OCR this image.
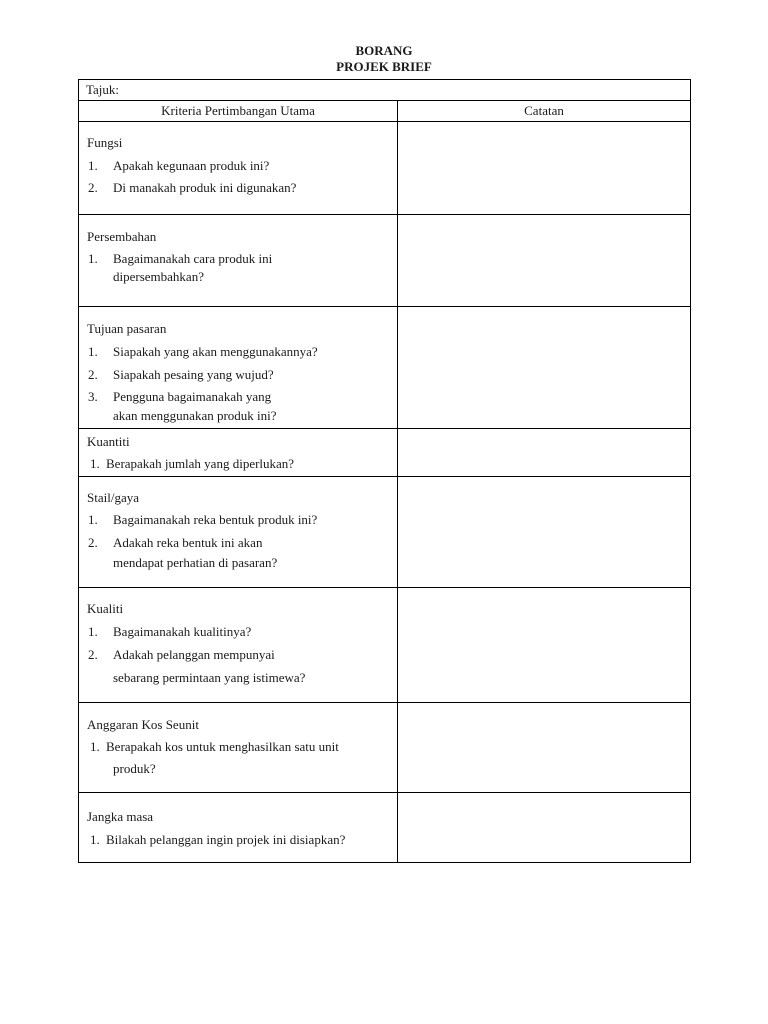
BORANG
PROJEK BRIEF
Tajuk:
Kriteria Pertimbangan Utama	Catatan
Fungsi
1. Apakah kegunaan produk ini?
2. Di manakah produk ini digunakan?
Persembahan
1. Bagaimanakah cara produk ini
dipersembahkan?
Tujuan pasaran
1. Siapakah yang akan menggunakannya?
2. Siapakah pesaing yang wujud?
3. Pengguna bagaimanakah yang
akan menggunakan produk ini?
Kuantiti
1. Berapakah jumlah yang diperlukan?
Stail/gaya
1. Bagaimanakah reka bentuk produk ini?
2. Adakah reka bentuk ini akan
mendapat perhatian di pasaran?
Kualiti
1. Bagaimanakah kualitinya?
2. Adakah pelanggan mempunyai
sebarang permintaan yang istimewa?
Anggaran Kos Seunit
1. Berapakah kos untuk menghasilkan satu unit
produk?
Jangka masa
1. Bilakah pelanggan ingin projek ini disiapkan?
